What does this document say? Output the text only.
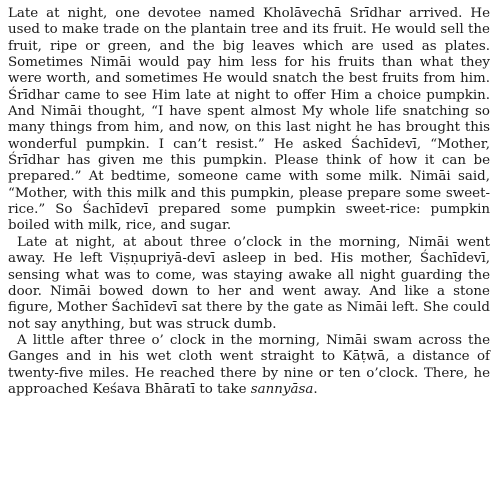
Late at night, one devotee named Kholāvechā Srīdhar arrived. He used to make trade on the plantain tree and its fruit. He would sell the fruit, ripe or green, and the big leaves which are used as plates. Sometimes Nimāi would pay him less for his fruits than what they were worth, and sometimes He would snatch the best fruits from him. Śrīdhar came to see Him late at night to offer Him a choice pumpkin. And Nimāi thought, “I have spent almost My whole life snatching so many things from him, and now, on this last night he has brought this wonderful pumpkin. I can’t resist.” He asked Śachīdevī, “Mother, Śrīdhar has given me this pumpkin. Please think of how it can be prepared.” At bedtime, someone came with some milk. Nimāi said, “Mother, with this milk and this pumpkin, please prepare some sweet-rice.” So Śachīdevī prepared some pumpkin sweet-rice: pumpkin boiled with milk, rice, and sugar.

Late at night, at about three o’clock in the morning, Nimāi went away. He left Viṣṇupriyā-devī asleep in bed. His mother, Śachīdevī, sensing what was to come, was staying awake all night guarding the door. Nimāi bowed down to her and went away. And like a stone figure, Mother Śachīdevī sat there by the gate as Nimāi left. She could not say anything, but was struck dumb.

A little after three o’ clock in the morning, Nimāi swam across the Ganges and in his wet cloth went straight to Kāṭwā, a distance of twenty-five miles. He reached there by nine or ten o’clock. There, he approached Keśava Bhāratī to take sannyāsa.
